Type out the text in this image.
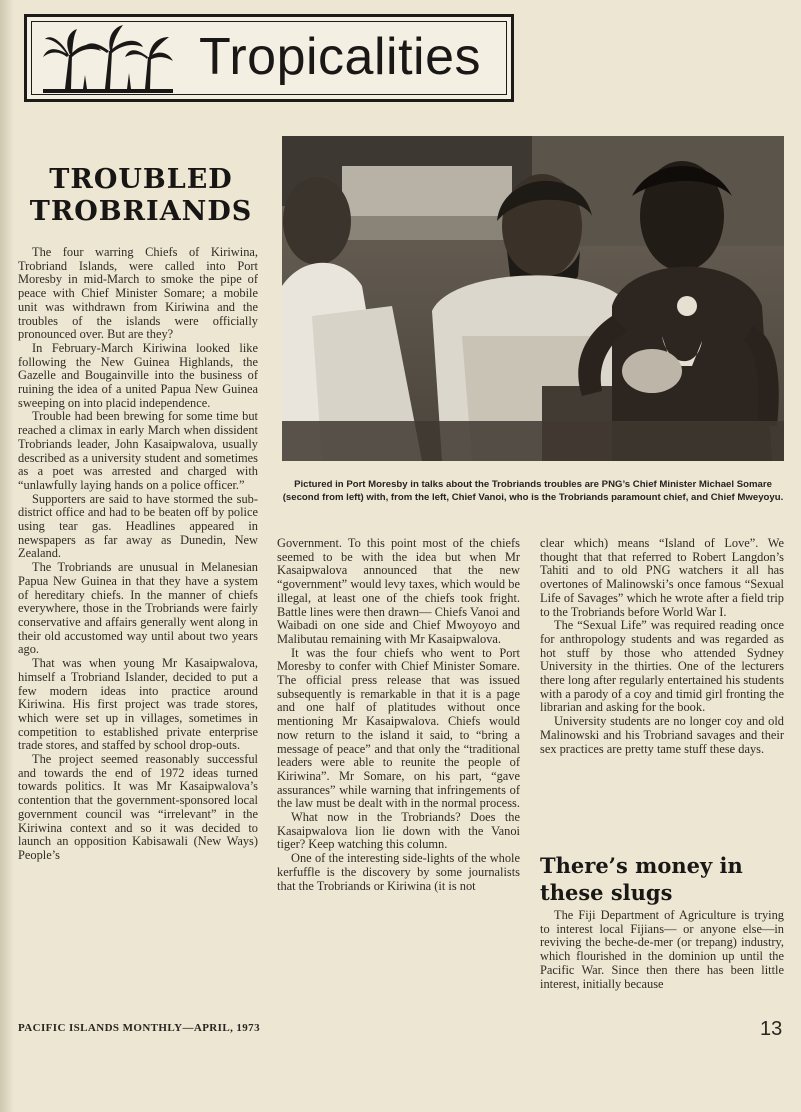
Tropicalities
TROUBLED TROBRIANDS

The four warring Chiefs of Kiriwina, Trobriand Islands, were called into Port Moresby in mid-March to smoke the pipe of peace with Chief Minister Somare; a mobile unit was withdrawn from Kiriwina and the troubles of the islands were officially pronounced over. But are they?

In February-March Kiriwina looked like following the New Guinea Highlands, the Gazelle and Bougainville into the business of ruining the idea of a united Papua New Guinea sweeping on into placid independence.

Trouble had been brewing for some time but reached a climax in early March when dissident Trobriands leader, John Kasaipwalova, usually described as a university student and sometimes as a poet was arrested and charged with “unlawfully laying hands on a police officer.”

Supporters are said to have stormed the sub-district office and had to be beaten off by police using tear gas. Headlines appeared in newspapers as far away as Dunedin, New Zealand.

The Trobriands are unusual in Melanesian Papua New Guinea in that they have a system of hereditary chiefs. In the manner of chiefs everywhere, those in the Trobriands were fairly conservative and affairs generally went along in their old accustomed way until about two years ago.

That was when young Mr Kasaipwalova, himself a Trobriand Islander, decided to put a few modern ideas into practice around Kiriwina. His first project was trade stores, which were set up in villages, sometimes in competition to established private enterprise trade stores, and staffed by school drop-outs.

The project seemed reasonably successful and towards the end of 1972 ideas turned towards politics. It was Mr Kasaipwalova’s contention that the government-sponsored local government council was “irrelevant” in the Kiriwina context and so it was decided to launch an opposition Kabisawali (New Ways) People’s

Pictured in Port Moresby in talks about the Trobriands troubles are PNG’s Chief Minister Michael Somare (second from left) with, from the left, Chief Vanoi, who is the Trobriands paramount chief, and Chief Mweyoyu.

Government. To this point most of the chiefs seemed to be with the idea but when Mr Kasaipwalova announced that the new “government” would levy taxes, which would be illegal, at least one of the chiefs took fright. Battle lines were then drawn— Chiefs Vanoi and Waibadi on one side and Chief Mwoyoyo and Malibutau remaining with Mr Kasaipwalova.

It was the four chiefs who went to Port Moresby to confer with Chief Minister Somare. The official press release that was issued subsequently is remarkable in that it is a page and one half of platitudes without once mentioning Mr Kasaipwalova. Chiefs would now return to the island it said, to “bring a message of peace” and that only the “traditional leaders were able to reunite the people of Kiriwina”. Mr Somare, on his part, “gave assurances” while warning that infringements of the law must be dealt with in the normal process.

What now in the Trobriands? Does the Kasaipwalova lion lie down with the Vanoi tiger? Keep watching this column.

One of the interesting side-lights of the whole kerfuffle is the discovery by some journalists that the Trobriands or Kiriwina (it is not

clear which) means “Island of Love”. We thought that that referred to Robert Langdon’s Tahiti and to old PNG watchers it all has overtones of Malinowski’s once famous “Sexual Life of Savages” which he wrote after a field trip to the Trobriands before World War I.

The “Sexual Life” was required reading once for anthropology students and was regarded as hot stuff by those who attended Sydney University in the thirties. One of the lecturers there long after regularly entertained his students with a parody of a coy and timid girl fronting the librarian and asking for the book.

University students are no longer coy and old Malinowski and his Trobriand savages and their sex practices are pretty tame stuff these days.

There’s money in these slugs

The Fiji Department of Agriculture is trying to interest local Fijians— or anyone else—in reviving the beche-de-mer (or trepang) industry, which flourished in the dominion up until the Pacific War. Since then there has been little interest, initially because

PACIFIC ISLANDS MONTHLY—APRIL, 1973	13
